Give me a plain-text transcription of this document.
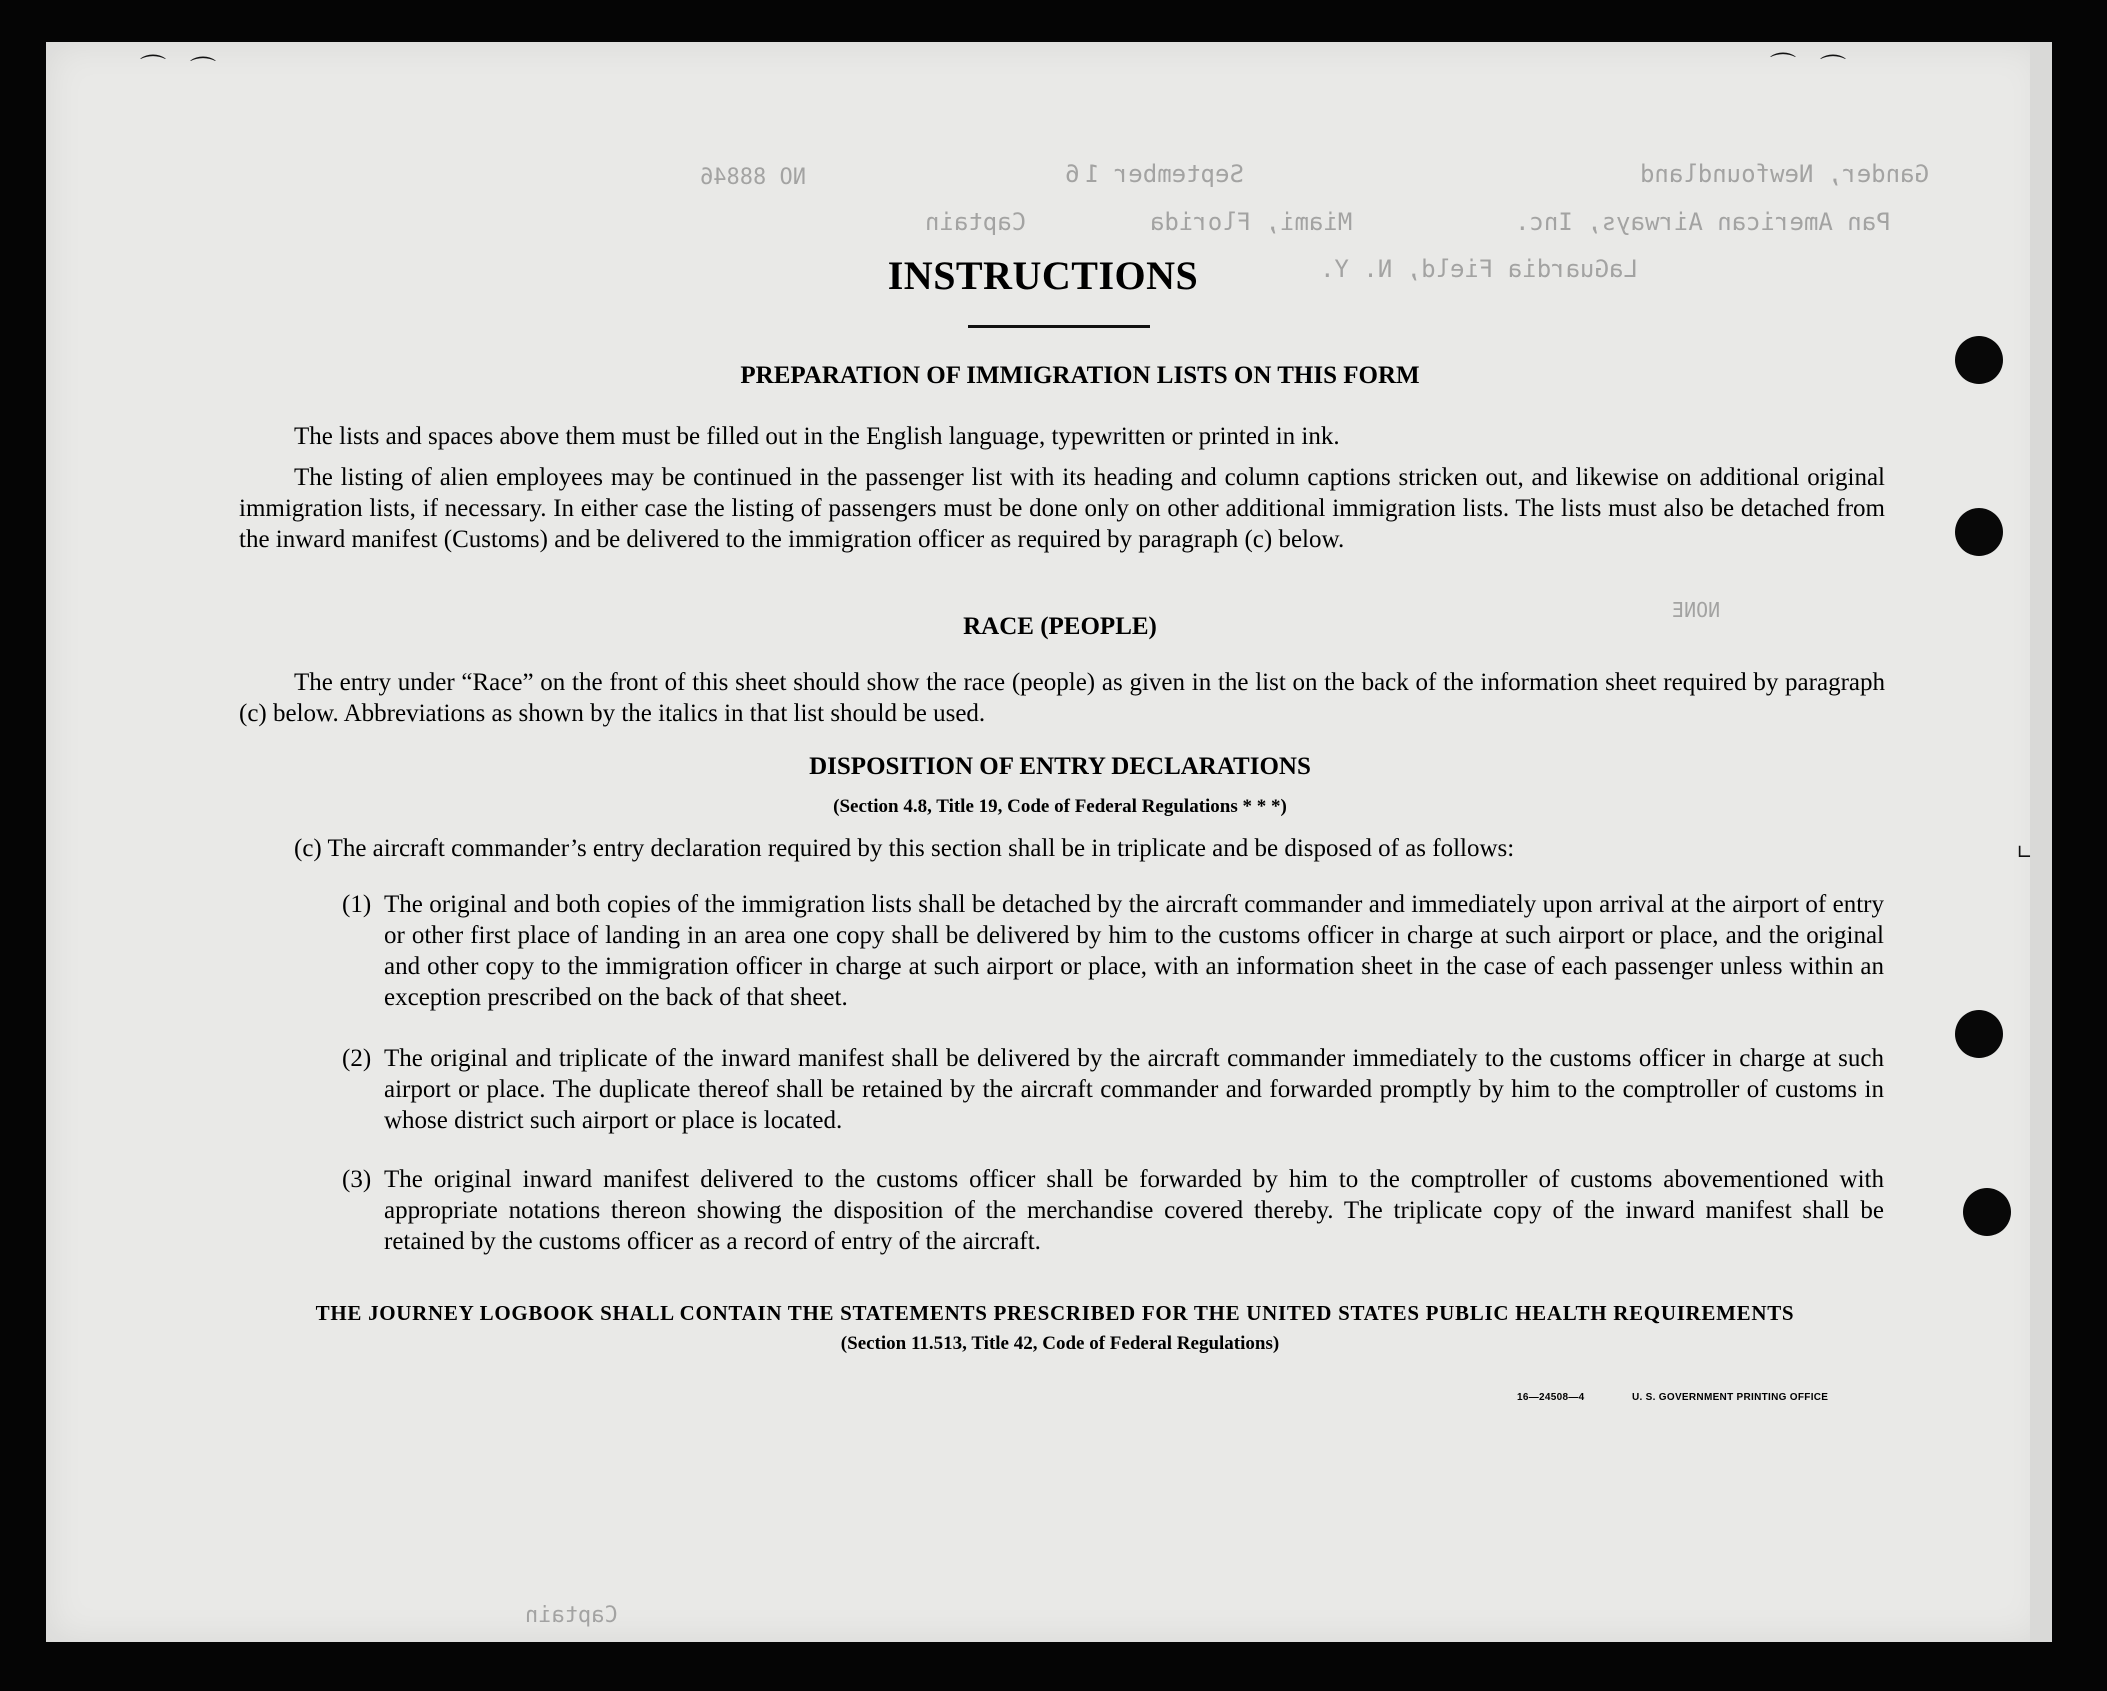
Gander, Newfoundland
September 1
6
NO 88846
Pan American Airways, Inc.
Miami, Florida
Captain
LaGuardia Field, N. Y.
NONE
Captain
⌒ ⌒	⌒ ⌒
∟
INSTRUCTIONS
PREPARATION OF IMMIGRATION LISTS ON THIS FORM

The lists and spaces above them must be filled out in the English language, typewritten or printed in ink.

The listing of alien employees may be continued in the passenger list with its heading and column captions stricken out, and likewise on additional original immigration lists, if necessary. In either case the listing of passengers must be done only on other additional immigration lists. The lists must also be detached from the inward manifest (Customs) and be delivered to the immigration officer as required by paragraph (c) below.

RACE (PEOPLE)

The entry under “Race” on the front of this sheet should show the race (people) as given in the list on the back of the information sheet required by paragraph (c) below. Abbreviations as shown by the italics in that list should be used.

DISPOSITION OF ENTRY DECLARATIONS
(Section 4.8, Title 19, Code of Federal Regulations * * *)

(c) The aircraft commander’s entry declaration required by this section shall be in triplicate and be disposed of as follows:

(1) The original and both copies of the immigration lists shall be detached by the aircraft commander and immediately upon arrival at the airport of entry or other first place of landing in an area one copy shall be delivered by him to the customs officer in charge at such airport or place, and the original and other copy to the immigration officer in charge at such airport or place, with an information sheet in the case of each passenger unless within an exception prescribed on the back of that sheet.

(2) The original and triplicate of the inward manifest shall be delivered by the aircraft commander immediately to the customs officer in charge at such airport or place. The duplicate thereof shall be retained by the aircraft commander and forwarded promptly by him to the comptroller of customs in whose district such airport or place is located.

(3) The original inward manifest delivered to the customs officer shall be forwarded by him to the comptroller of customs abovementioned with appropriate notations thereon showing the disposition of the merchandise covered thereby. The triplicate copy of the inward manifest shall be retained by the customs officer as a record of entry of the aircraft.

THE JOURNEY LOGBOOK SHALL CONTAIN THE STATEMENTS PRESCRIBED FOR THE UNITED STATES PUBLIC HEALTH REQUIREMENTS
(Section 11.513, Title 42, Code of Federal Regulations)
16—24508—4	U. S. GOVERNMENT PRINTING OFFICE
